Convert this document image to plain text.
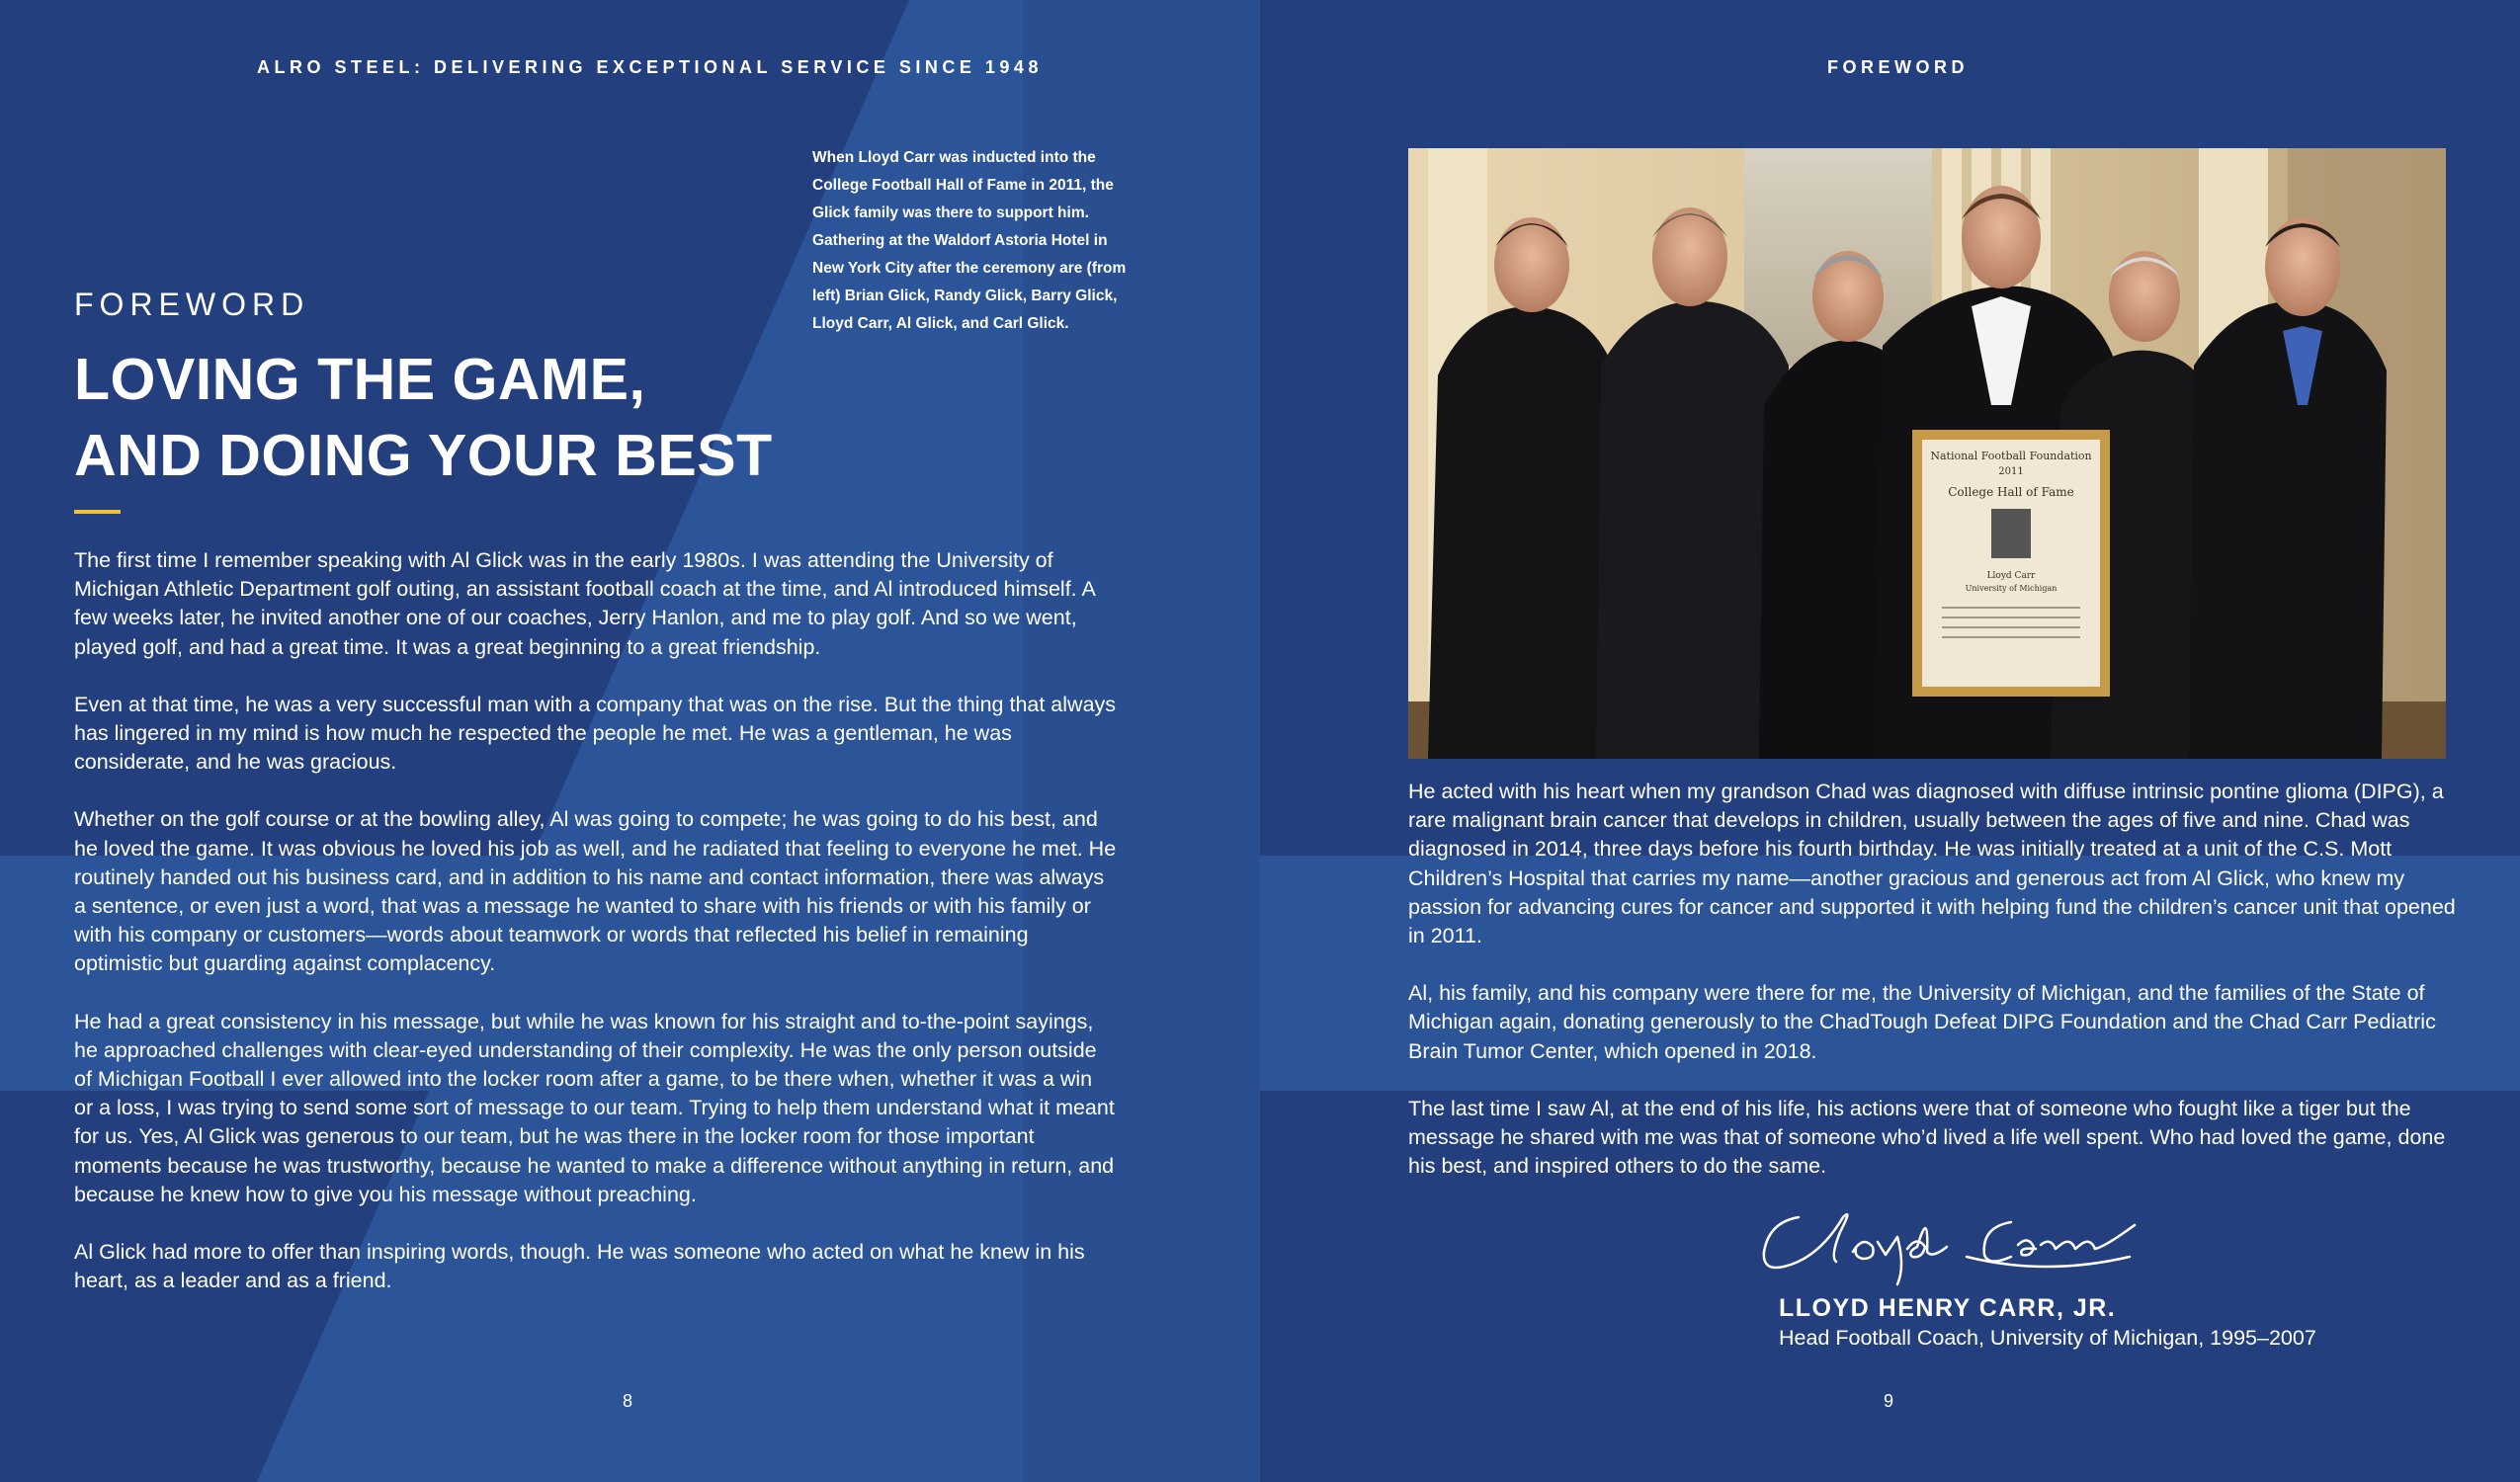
ALRO STEEL: DELIVERING EXCEPTIONAL SERVICE SINCE 1948
When Lloyd Carr was inducted into the College Football Hall of Fame in 2011, the Glick family was there to support him. Gathering at the Waldorf Astoria Hotel in New York City after the ceremony are (from left) Brian Glick, Randy Glick, Barry Glick, Lloyd Carr, Al Glick, and Carl Glick.
FOREWORD
LOVING THE GAME,
AND DOING YOUR BEST

The first time I remember speaking with Al Glick was in the early 1980s. I was attending the University of Michigan Athletic Department golf outing, an assistant football coach at the time, and Al introduced himself. A few weeks later, he invited another one of our coaches, Jerry Hanlon, and me to play golf. And so we went, played golf, and had a great time. It was a great beginning to a great friendship.

Even at that time, he was a very successful man with a company that was on the rise. But the thing that always has lingered in my mind is how much he respected the people he met. He was a gentleman, he was considerate, and he was gracious.

Whether on the golf course or at the bowling alley, Al was going to compete; he was going to do his best, and he loved the game. It was obvious he loved his job as well, and he radiated that feeling to everyone he met. He routinely handed out his business card, and in addition to his name and contact information, there was always a sentence, or even just a word, that was a message he wanted to share with his friends or with his family or with his company or customers—words about teamwork or words that reflected his belief in remaining optimistic but guarding against complacency.

He had a great consistency in his message, but while he was known for his straight and to-the-point sayings, he approached challenges with clear-eyed understanding of their complexity. He was the only person outside of Michigan Football I ever allowed into the locker room after a game, to be there when, whether it was a win or a loss, I was trying to send some sort of message to our team. Trying to help them understand what it meant for us. Yes, Al Glick was generous to our team, but he was there in the locker room for those important moments because he was trustworthy, because he wanted to make a difference without anything in return, and because he knew how to give you his message without preaching.

Al Glick had more to offer than inspiring words, though. He was someone who acted on what he knew in his heart, as a leader and as a friend.

8
FOREWORD
9
National Football Foundation
2011
College Hall of Fame
Lloyd Carr
University of Michigan

He acted with his heart when my grandson Chad was diagnosed with diffuse intrinsic pontine glioma (DIPG), a rare malignant brain cancer that develops in children, usually between the ages of five and nine. Chad was diagnosed in 2014, three days before his fourth birthday. He was initially treated at a unit of the C.S. Mott Children’s Hospital that carries my name—another gracious and generous act from Al Glick, who knew my passion for advancing cures for cancer and supported it with helping fund the children’s cancer unit that opened in 2011.

Al, his family, and his company were there for me, the University of Michigan, and the families of the State of Michigan again, donating generously to the ChadTough Defeat DIPG Foundation and the Chad Carr Pediatric Brain Tumor Center, which opened in 2018.

The last time I saw Al, at the end of his life, his actions were that of someone who fought like a tiger but the message he shared with me was that of someone who’d lived a life well spent. Who had loved the game, done his best, and inspired others to do the same.

LLOYD HENRY CARR, JR.
Head Football Coach, University of Michigan, 1995–2007
